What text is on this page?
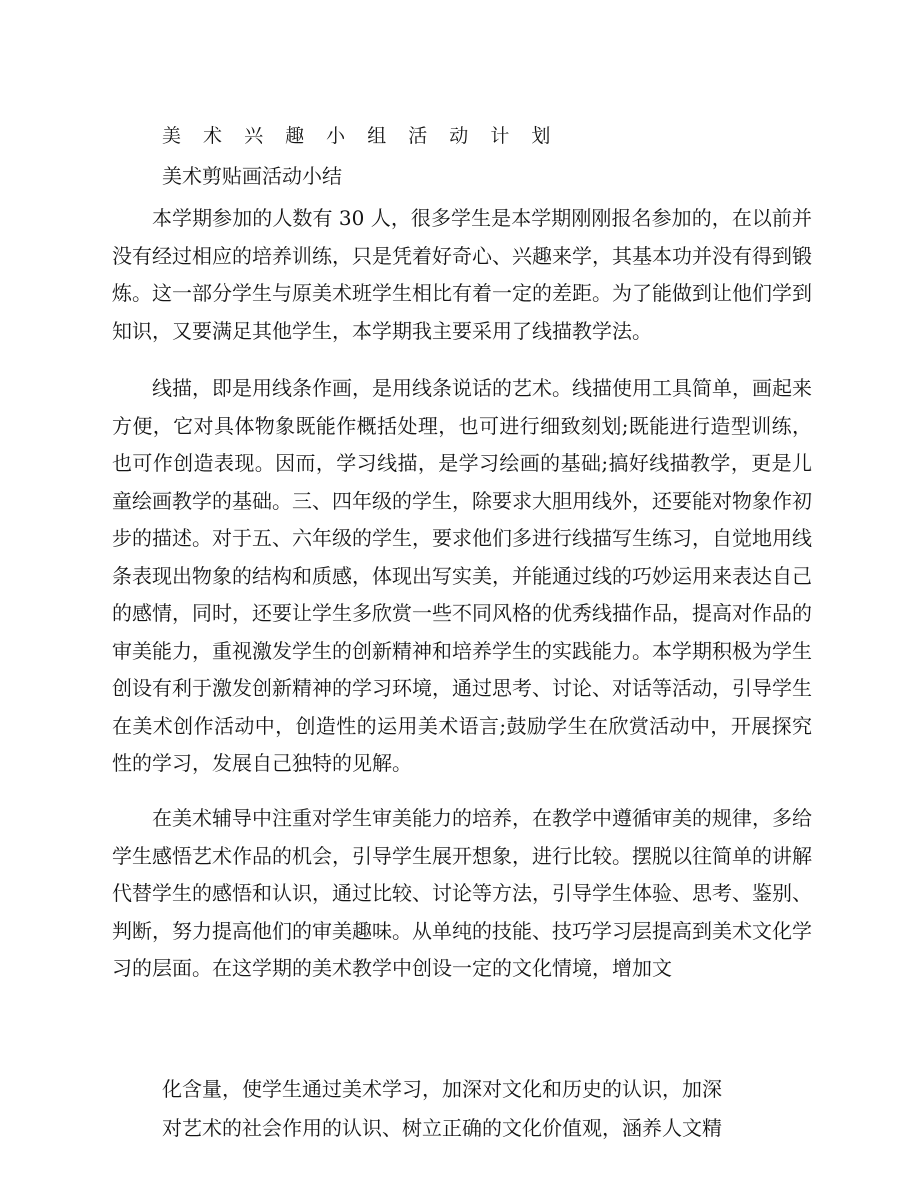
美 术 兴 趣 小 组 活 动 计 划
美术剪贴画活动小结
本学期参加的人数有 30 人，很多学生是本学期刚刚报名参加的，在以前并没有经过相应的培养训练，只是凭着好奇心、兴趣来学，其基本功并没有得到锻炼。这一部分学生与原美术班学生相比有着一定的差距。为了能做到让他们学到知识，又要满足其他学生，本学期我主要采用了线描教学法。
线描，即是用线条作画，是用线条说话的艺术。线描使用工具简单，画起来方便，它对具体物象既能作概括处理，也可进行细致刻划;既能进行造型训练，也可作创造表现。因而，学习线描，是学习绘画的基础;搞好线描教学，更是儿童绘画教学的基础。三、四年级的学生，除要求大胆用线外，还要能对物象作初步的描述。对于五、六年级的学生，要求他们多进行线描写生练习，自觉地用线条表现出物象的结构和质感，体现出写实美，并能通过线的巧妙运用来表达自己的感情，同时，还要让学生多欣赏一些不同风格的优秀线描作品，提高对作品的审美能力，重视激发学生的创新精神和培养学生的实践能力。本学期积极为学生创设有利于激发创新精神的学习环境，通过思考、讨论、对话等活动，引导学生在美术创作活动中，创造性的运用美术语言;鼓励学生在欣赏活动中，开展探究性的学习，发展自己独特的见解。
在美术辅导中注重对学生审美能力的培养，在教学中遵循审美的规律，多给学生感悟艺术作品的机会，引导学生展开想象，进行比较。摆脱以往简单的讲解代替学生的感悟和认识，通过比较、讨论等方法，引导学生体验、思考、鉴别、判断，努力提高他们的审美趣味。从单纯的技能、技巧学习层提高到美术文化学习的层面。在这学期的美术教学中创设一定的文化情境，增加文
化含量，使学生通过美术学习，加深对文化和历史的认识，加深
对艺术的社会作用的认识、树立正确的文化价值观，涵养人文精
